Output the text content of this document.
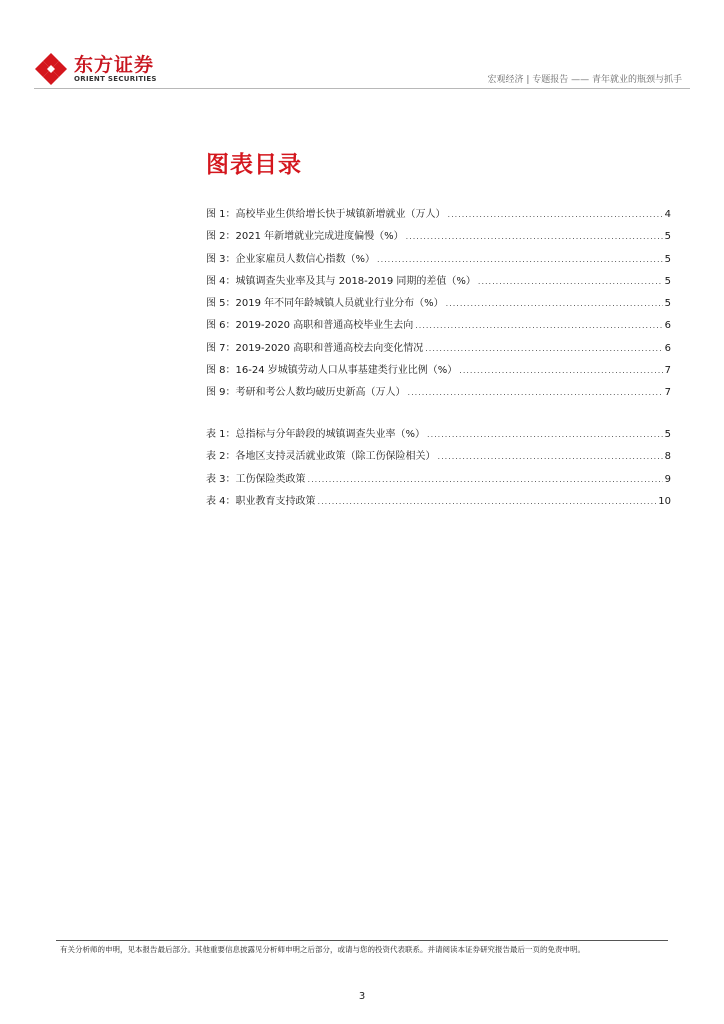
东方证券
ORIENT SECURITIES	宏观经济 | 专题报告 —— 青年就业的瓶颈与抓手
图表目录
图 1：高校毕业生供给增长快于城镇新增就业（万人） .....	4
图 2：2021 年新增就业完成进度偏慢（%） .....	5
图 3：企业家雇员人数信心指数（%） .....	5
图 4：城镇调查失业率及其与 2018-2019 同期的差值（%） .....	5
图 5：2019 年不同年龄城镇人员就业行业分布（%） .....	5
图 6：2019-2020 高职和普通高校毕业生去向 .....	6
图 7：2019-2020 高职和普通高校去向变化情况 .....	6
图 8：16-24 岁城镇劳动人口从事基建类行业比例（%） .....	7
图 9：考研和考公人数均破历史新高（万人） .....	7
表 1：总指标与分年龄段的城镇调查失业率（%） .....	5
表 2：各地区支持灵活就业政策（除工伤保险相关） .....	8
表 3：工伤保险类政策 .....	9
表 4：职业教育支持政策 .....	10
有关分析师的申明，见本报告最后部分。其他重要信息披露见分析师申明之后部分，或请与您的投资代表联系。并请阅读本证券研究报告最后一页的免责申明。
3
